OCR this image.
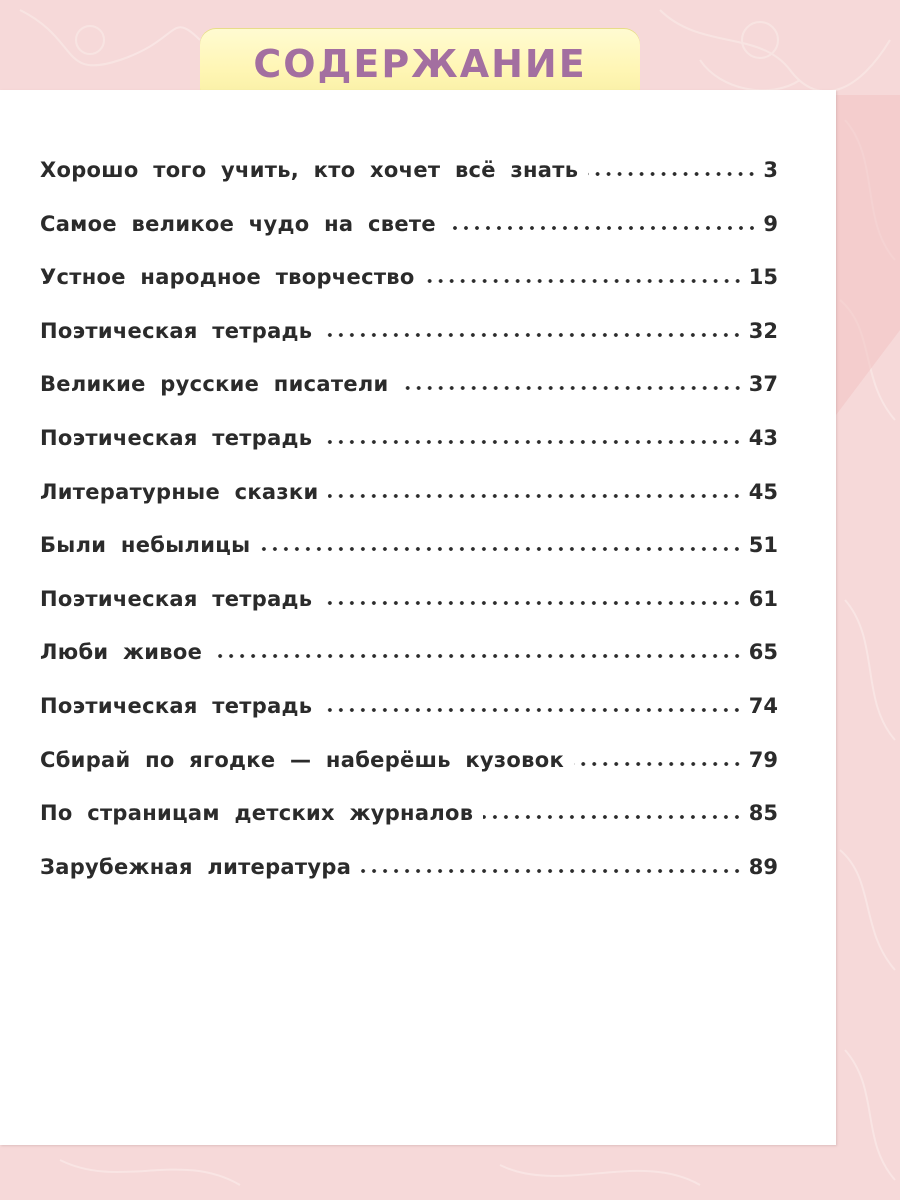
СОДЕРЖАНИЕ
Хорошо того учить, кто хочет всё знать	3
Самое великое чудо на свете	9
Устное народное творчество	15
Поэтическая тетрадь	32
Великие русские писатели	37
Поэтическая тетрадь	43
Литературные сказки	45
Были небылицы	51
Поэтическая тетрадь	61
Люби живое	65
Поэтическая тетрадь	74
Сбирай по ягодке — наберёшь кузовок	79
По страницам детских журналов	85
Зарубежная литература	89
